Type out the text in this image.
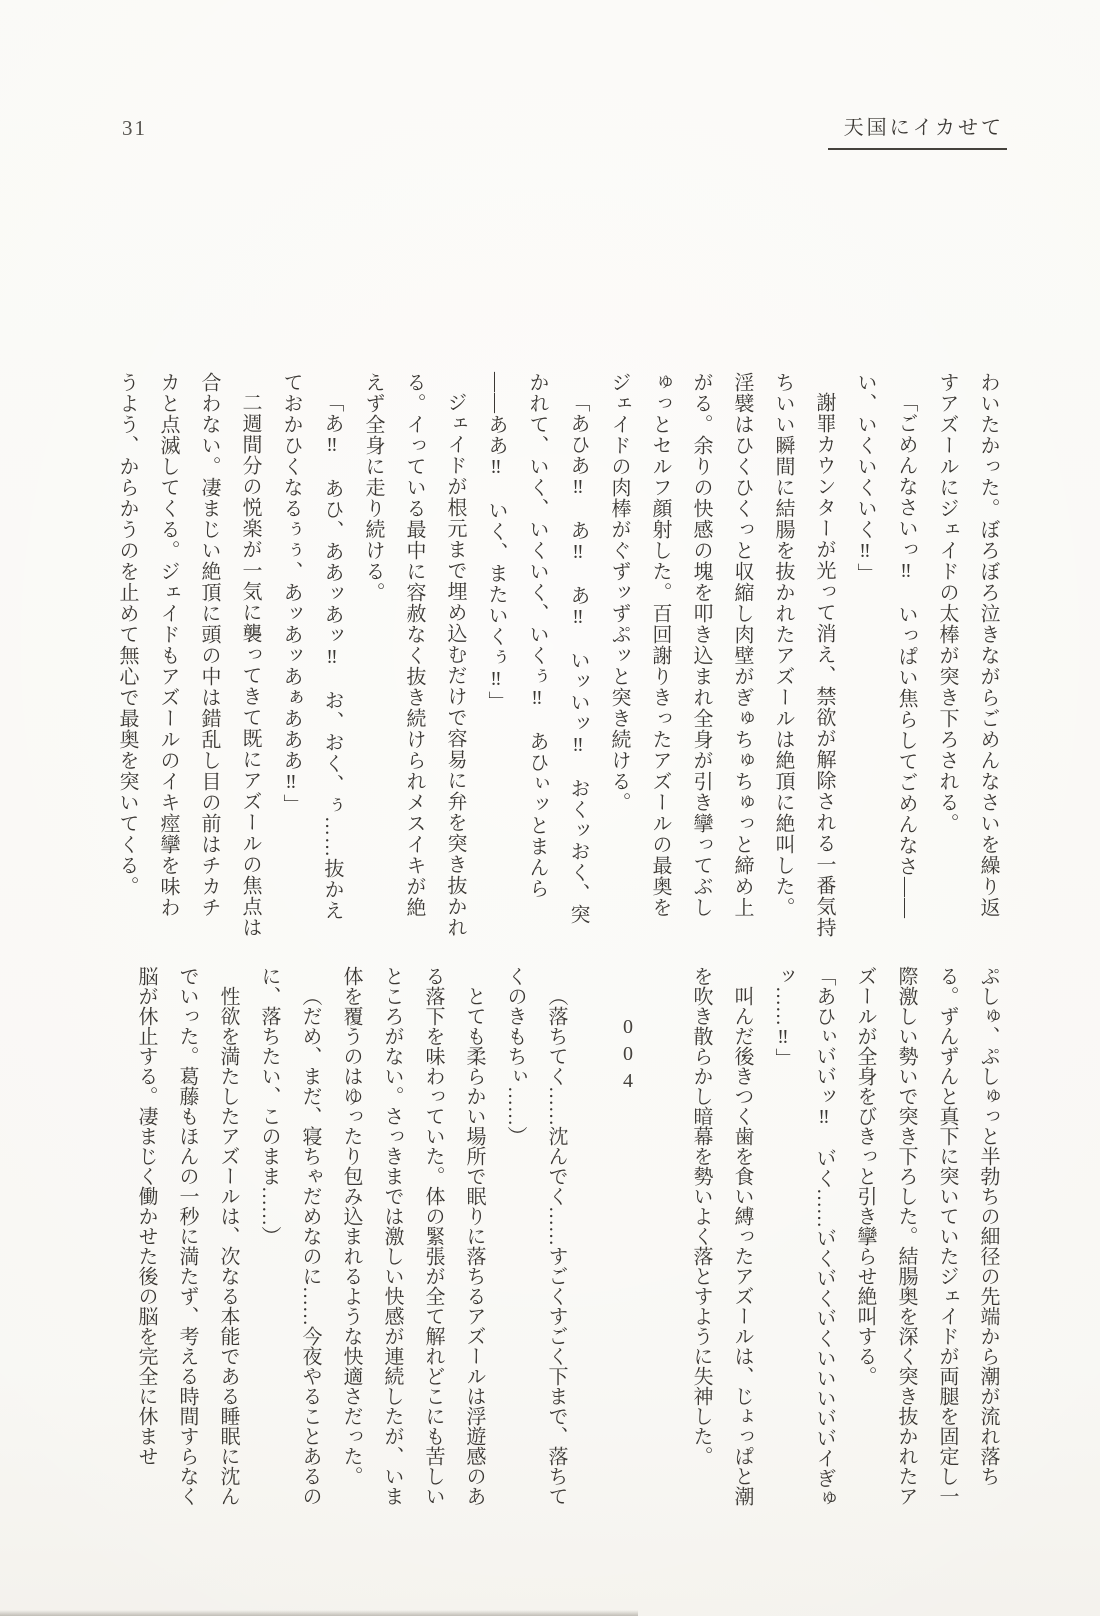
31	天国にイカせて

わいたかった。ぼろぼろ泣きながらごめんなさいを繰り返すアズールにジェイドの太棒が突き下ろされる。

「ごめんなさいっ‼　いっぱい焦らしてごめんなさ――い、いくいくいく‼」

謝罪カウンターが光って消え、禁欲が解除される一番気持ちいい瞬間に結腸を抜かれたアズールは絶頂に絶叫した。淫襞はひくひくっと収縮し肉壁がぎゅちゅちゅっと締め上がる。余りの快感の塊を叩き込まれ全身が引き攣ってぶしゅっとセルフ顔射した。百回謝りきったアズールの最奥をジェイドの肉棒がぐずッずぷッと突き続ける。

「あひあ‼　あ‼　あ‼　いッいッ‼　おくッおく、突かれて、いく、いくいく、いくぅ‼　あひぃッとまんら――ああ‼　いく、またいくぅ‼」

ジェイドが根元まで埋め込むだけで容易に弁を突き抜かれる。イっている最中に容赦なく抜き続けられメスイキが絶えず全身に走り続ける。

「あ‼　あひ、ああッあッ‼　お、おく、ぅ……抜かえておかひくなるぅぅ、あッあッあぁあああ‼」

二週間分の悦楽が一気に襲ってきて既にアズールの焦点は合わない。凄まじい絶頂に頭の中は錯乱し目の前はチカチカと点滅してくる。ジェイドもアズールのイキ痙攣を味わうよう、からかうのを止めて無心で最奥を突いてくる。

ぷしゅ、ぷしゅっと半勃ちの細径の先端から潮が流れ落ちる。ずんずんと真下に突いていたジェイドが両腿を固定し一際激しい勢いで突き下ろした。結腸奥を深く突き抜かれたアズールが全身をびきっと引き攣らせ絶叫する。

「あひぃい゙い゙ッ‼　い゙く……い゙くい゙くい゙くいいいい゙い゙イぎゅッ……‼」

叫んだ後きつく歯を食い縛ったアズールは、じょっぱと潮を吹き散らかし暗幕を勢いよく落とすように失神した。

004

（落ちてく……沈んでく……すごくすごく下まで、落ちてくのきもちぃ……）

とても柔らかい場所で眠りに落ちるアズールは浮遊感のある落下を味わっていた。体の緊張が全て解れどこにも苦しいところがない。さっきまでは激しい快感が連続したが、いま体を覆うのはゆったり包み込まれるような快適さだった。

（だめ、まだ、寝ちゃだめなのに……今夜やることあるのに、落ちたい、このまま……）

性欲を満たしたアズールは、次なる本能である睡眠に沈んでいった。葛藤もほんの一秒に満たず、考える時間すらなく脳が休止する。凄まじく働かせた後の脳を完全に休ませ
